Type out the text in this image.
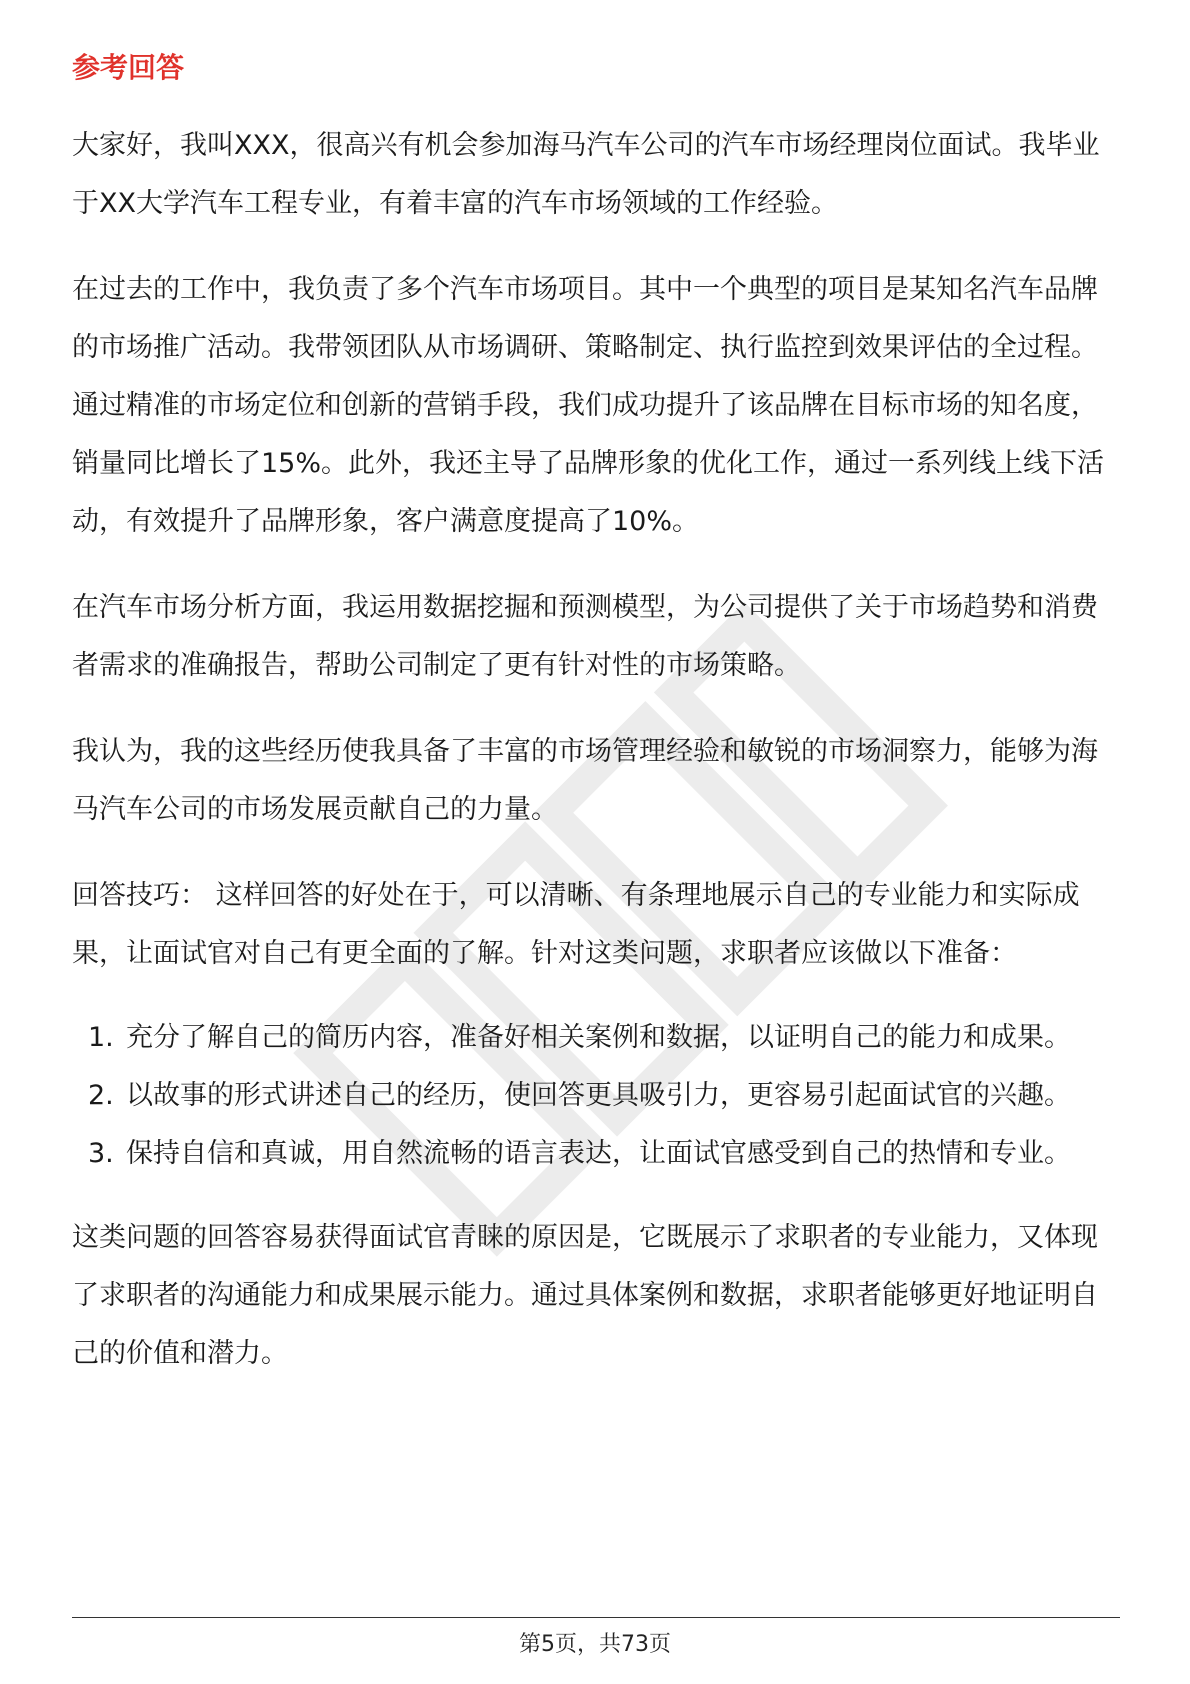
参考回答

大家好，我叫XXX，很高兴有机会参加海马汽车公司的汽车市场经理岗位面试。我毕业于XX大学汽车工程专业，有着丰富的汽车市场领域的工作经验。

在过去的工作中，我负责了多个汽车市场项目。其中一个典型的项目是某知名汽车品牌的市场推广活动。我带领团队从市场调研、策略制定、执行监控到效果评估的全过程。通过精准的市场定位和创新的营销手段，我们成功提升了该品牌在目标市场的知名度，销量同比增长了15%。此外，我还主导了品牌形象的优化工作，通过一系列线上线下活动，有效提升了品牌形象，客户满意度提高了10%。

在汽车市场分析方面，我运用数据挖掘和预测模型，为公司提供了关于市场趋势和消费者需求的准确报告，帮助公司制定了更有针对性的市场策略。

我认为，我的这些经历使我具备了丰富的市场管理经验和敏锐的市场洞察力，能够为海马汽车公司的市场发展贡献自己的力量。

回答技巧： 这样回答的好处在于，可以清晰、有条理地展示自己的专业能力和实际成果，让面试官对自己有更全面的了解。针对这类问题，求职者应该做以下准备：

1. 充分了解自己的简历内容，准备好相关案例和数据，以证明自己的能力和成果。
2. 以故事的形式讲述自己的经历，使回答更具吸引力，更容易引起面试官的兴趣。
3. 保持自信和真诚，用自然流畅的语言表达，让面试官感受到自己的热情和专业。

这类问题的回答容易获得面试官青睐的原因是，它既展示了求职者的专业能力，又体现了求职者的沟通能力和成果展示能力。通过具体案例和数据，求职者能够更好地证明自己的价值和潜力。

第5页，共73页
